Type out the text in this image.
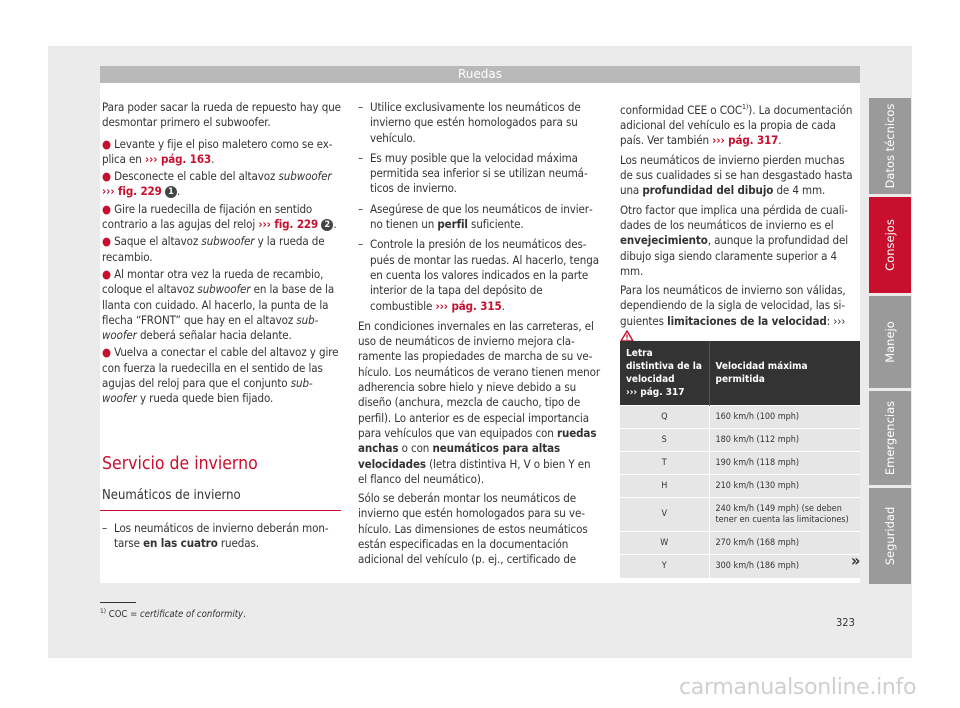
Ruedas

Para poder sacar la rueda de repuesto hay que desmontar primero el subwoofer.

● Levante y fije el piso maletero como se explica en ››› pág. 163.

● Desconecte el cable del altavoz subwoofer
››› fig. 229 1 .

● Gire la ruedecilla de fijación en sentido contrario a las agujas del reloj ››› fig. 229 2 .

● Saque el altavoz subwoofer y la rueda de recambio.

● Al montar otra vez la rueda de recambio, coloque el altavoz subwoofer en la base de la llanta con cuidado. Al hacerlo, la punta de la flecha “FRONT” que hay en el altavoz subwoofer deberá señalar hacia delante.

● Vuelva a conectar el cable del altavoz y gire con fuerza la ruedecilla en el sentido de las agujas del reloj para que el conjunto subwoofer y rueda quede bien fijado.

Servicio de invierno
Neumáticos de invierno
– Los neumáticos de invierno deberán montarse en las cuatro ruedas.
– Utilice exclusivamente los neumáticos de invierno que estén homologados para su vehículo.
– Es muy posible que la velocidad máxima permitida sea inferior si se utilizan neumáticos de invierno.
– Asegúrese de que los neumáticos de invierno tienen un perfil suficiente.
– Controle la presión de los neumáticos después de montar las ruedas. Al hacerlo, tenga en cuenta los valores indicados en la parte interior de la tapa del depósito de combustible ››› pág. 315.

En condiciones invernales en las carreteras, el uso de neumáticos de invierno mejora claramente las propiedades de marcha de su vehículo. Los neumáticos de verano tienen menor adherencia sobre hielo y nieve debido a su diseño (anchura, mezcla de caucho, tipo de perfil). Lo anterior es de especial importancia para vehículos que van equipados con ruedas anchas o con neumáticos para altas velocidades (letra distintiva H, V o bien Y en el flanco del neumático).

Sólo se deberán montar los neumáticos de invierno que estén homologados para su vehículo. Las dimensiones de estos neumáticos están especificadas en la documentación adicional del vehículo (p. ej., certificado de

conformidad CEE o COC$^{1)}$). La documentación adicional del vehículo es la propia de cada país. Ver también ››› pág. 317.

Los neumáticos de invierno pierden muchas de sus cualidades si se han desgastado hasta una profundidad del dibujo de 4 mm.

Otro factor que implica una pérdida de cualidades de los neumáticos de invierno es el envejecimiento, aunque la profundidad del dibujo siga siendo claramente superior a 4 mm.

Para los neumáticos de invierno son válidas, dependiendo de la sigla de velocidad, las siguientes limitaciones de la velocidad: ›››

Letra distintiva de la velocidad
››› pág. 317	Velocidad máxima permitida
Q	160 km/h (100 mph)
S	180 km/h (112 mph)
T	190 km/h (118 mph)
H	210 km/h (130 mph)
V	240 km/h (149 mph) (se deben tener en cuenta las limitaciones)
W	270 km/h (168 mph)
Y	300 km/h (186 mph)
Datos técnicos
Consejos
Manejo
Emergencias
Seguridad
»
$^{1)}$ COC = certificate of conformity.
323
carmanualsonline.info
